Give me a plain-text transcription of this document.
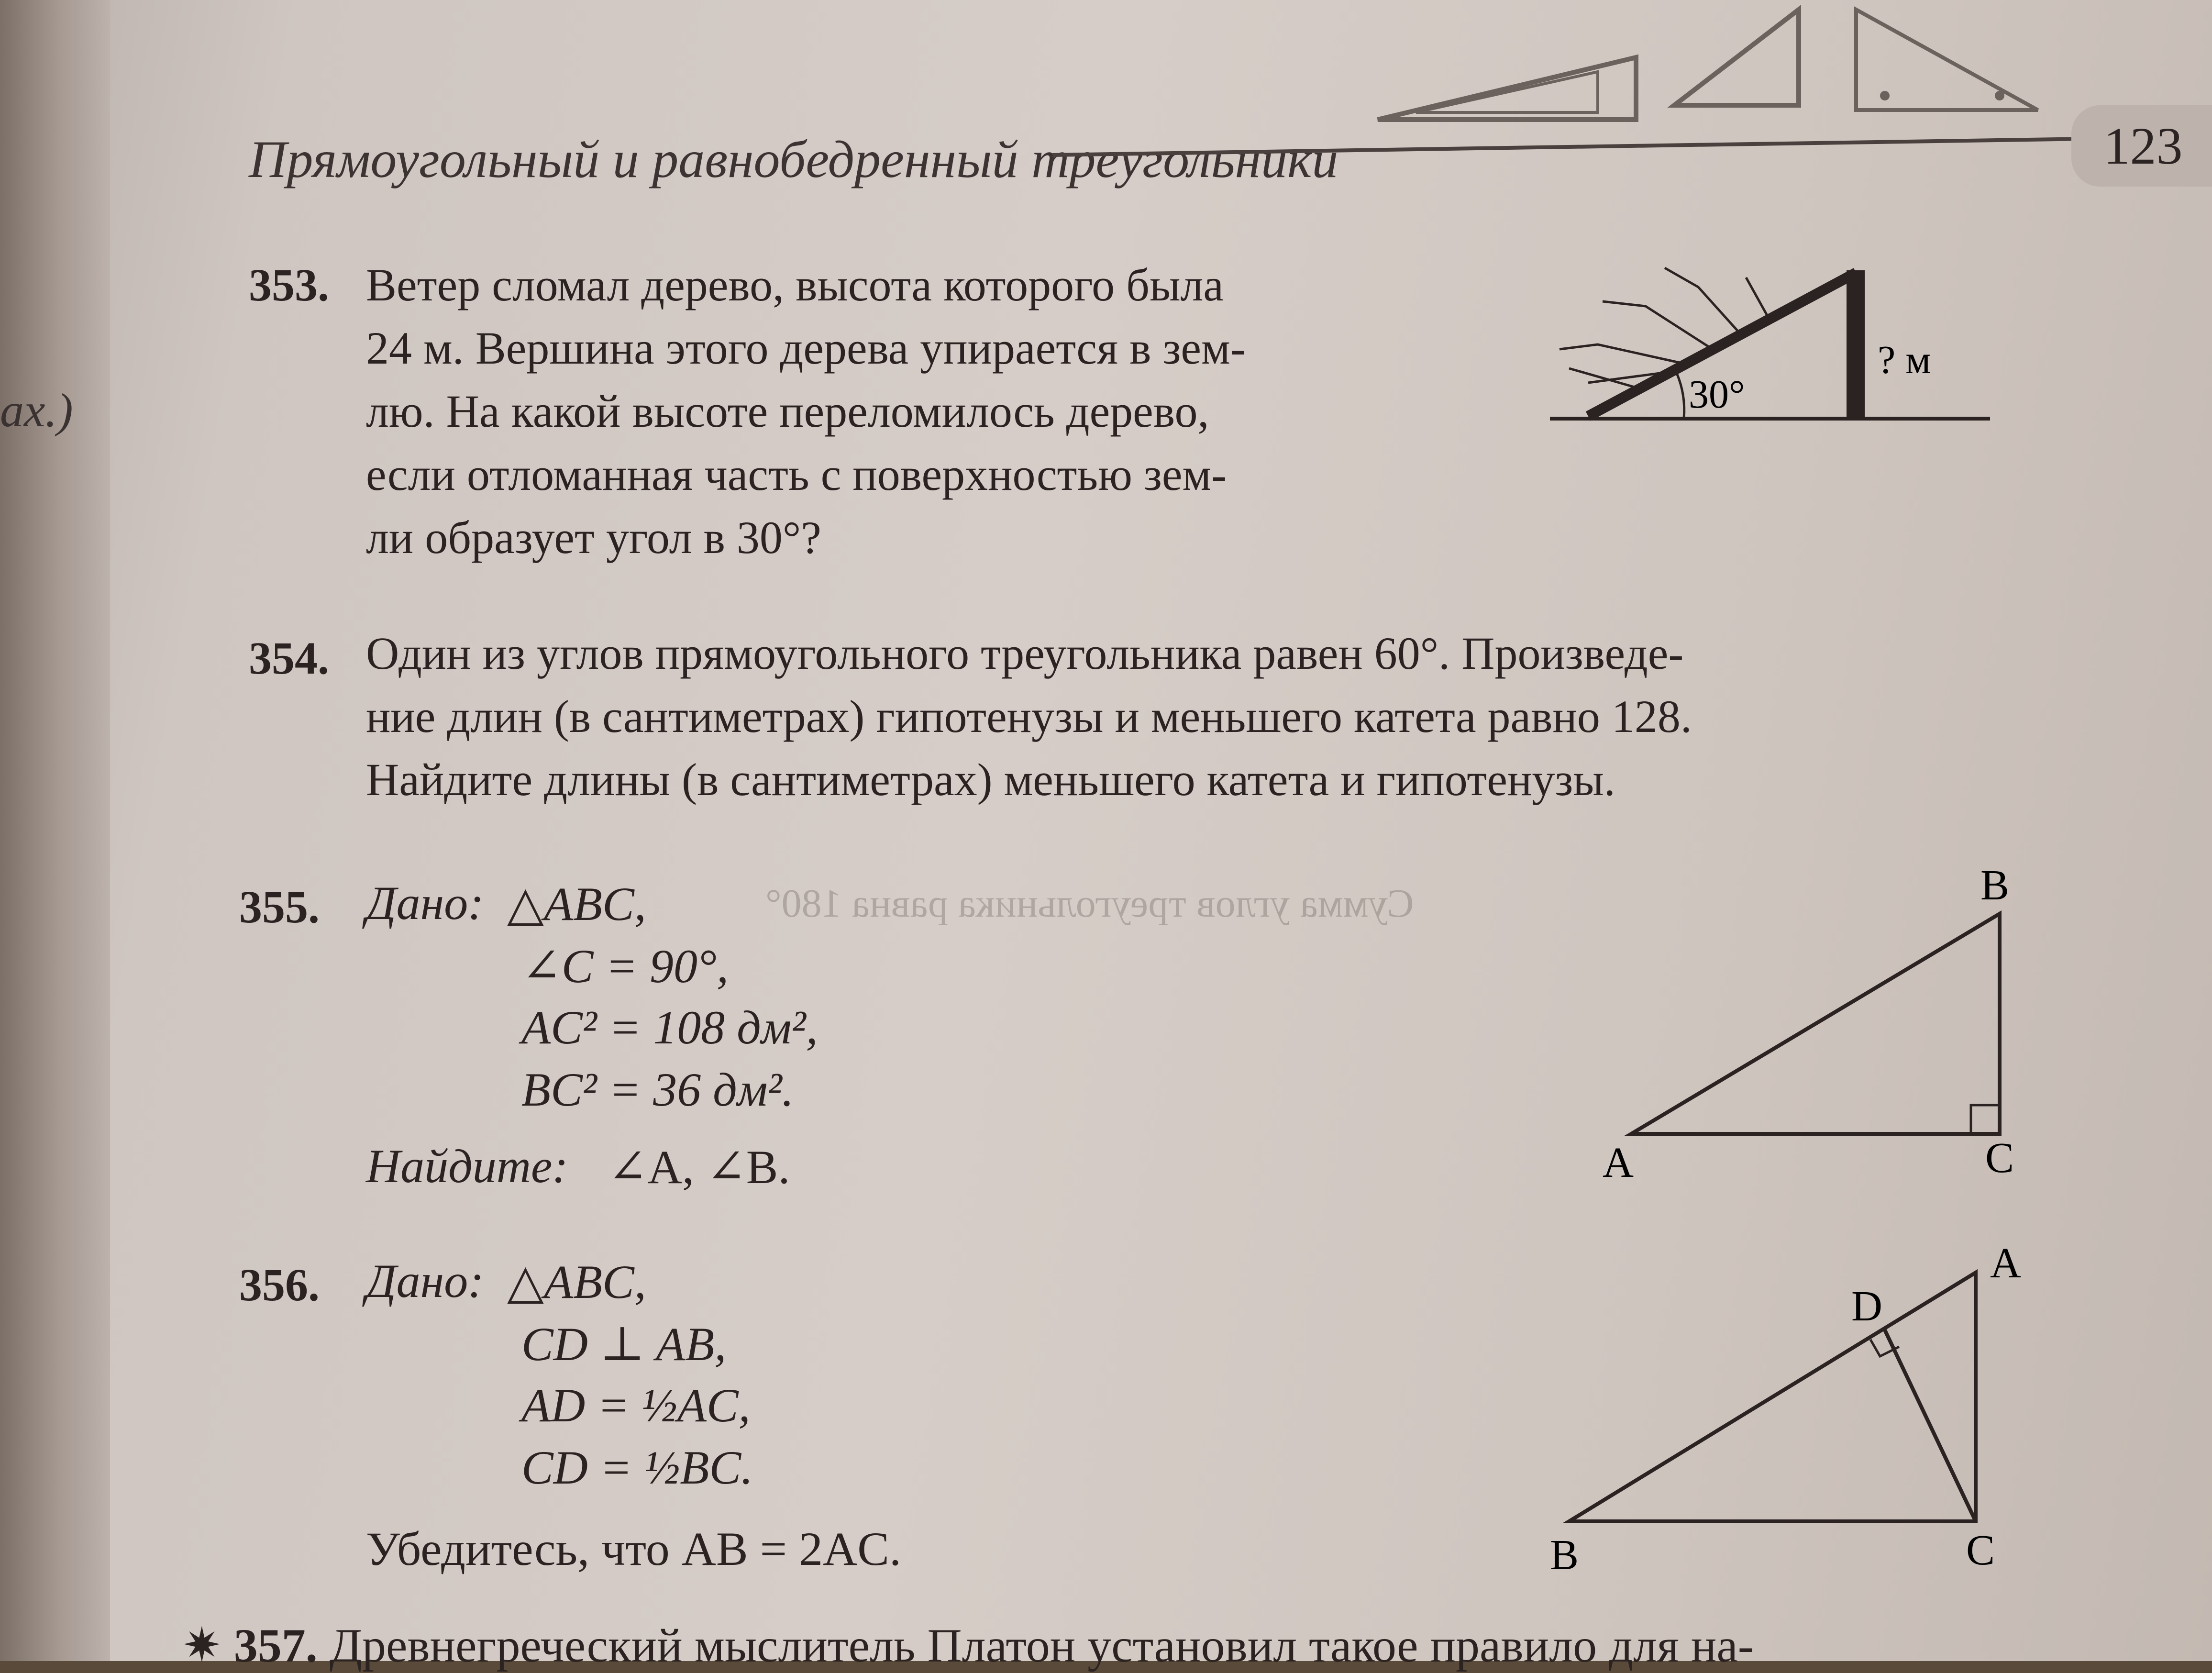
ах.)
Прямоугольный и равнобедренный треугольники	123
Сумма углов треугольника равна 180°
353. Ветер сломал дерево, высота которого была
24 м. Вершина этого дерева упирается в зем-
лю. На какой высоте переломилось дерево,
если отломанная часть с поверхностью зем-
ли образует угол в 30°?
30°
? м
354. Один из углов прямоугольного треугольника равен 60°. Произведе-
ние длин (в сантиметрах) гипотенузы и меньшего катета равно 128.
Найдите длины (в сантиметрах) меньшего катета и гипотенузы.
355. Дано: △ABC,
∠C = 90°,
AC² = 108 дм²,
BC² = 36 дм².
Найдите: ∠A, ∠B.
B
A	C
356. Дано: △ABC,
CD ⊥ AB,
AD = ½AC,
CD = ½BC.
Убедитесь, что AB = 2AC.
A
D
B	C
✷ 357. Древнегреческий мыслитель Платон установил такое правило для на-
